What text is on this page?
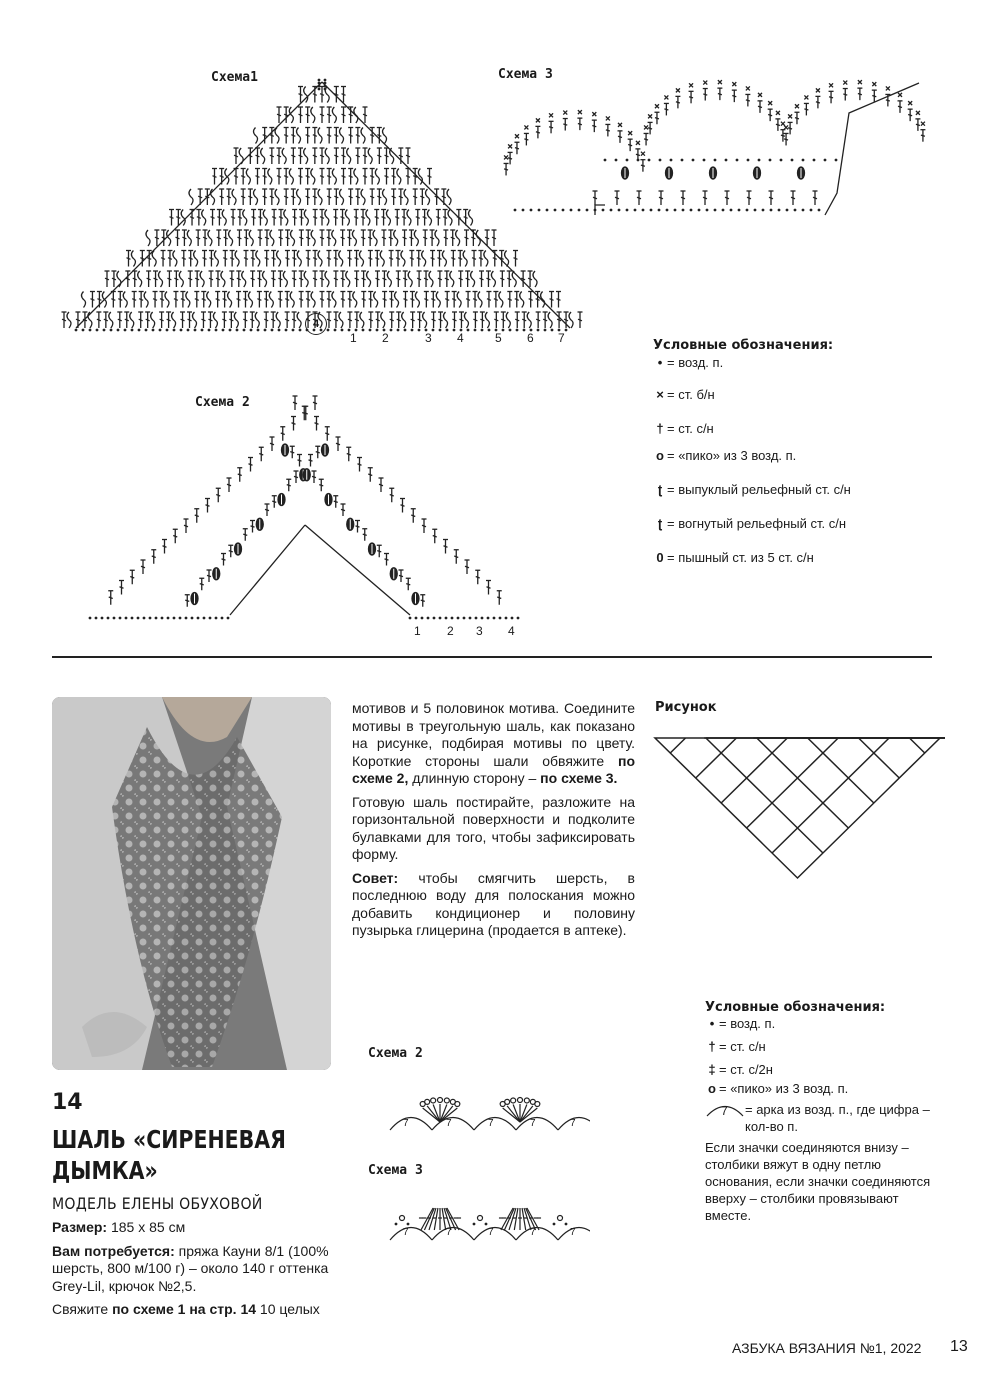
Схема1
4
1 2	3 4	5 6 7
Схема 3
Схема 2
1 2 3 4
Условные обозначения:
• = возд. п.
× = ст. б/н
† = ст. с/н
o = «пико» из 3 возд. п.
ʈ = выпуклый рельефный ст. с/н
ʈ = вогнутый рельефный ст. с/н
0 = пышный ст. из 5 ст. с/н
14
ШАЛЬ «СИРЕНЕВАЯ
ДЫМКА»
МОДЕЛЬ ЕЛЕНЫ ОБУХОВОЙ

Размер: 185 х 85 см

Вам потребуется: пряжа Кауни 8/1 (100% шерсть, 800 м/100 г) – около 140 г оттенка Grey-Lil, крючок №2,5.

Свяжите по схеме 1 на стр. 14 10 целых

мотивов и 5 половинок мотива. Соедините мотивы в треугольную шаль, как показано на рисунке, подбирая мотивы по цвету. Короткие стороны шали обвяжите по схеме 2, длинную сторону – по схеме 3.

Готовую шаль постирайте, разложите на горизонтальной поверхности и подколите булавками для того, чтобы зафиксировать форму.

Совет: чтобы смягчить шерсть, в последнюю воду для полоскания можно добавить кондиционер и половину пузырька глицерина (продается в аптеке).

Рисунок
Схема 2
Схема 3
7	7	7	7	7
7	7	7	7	7
Условные обозначения:
• = возд. п.
† = ст. с/н
‡ = ст. с/2н
o = «пико» из 3 возд. п.
7 = арка из возд. п., где цифра – кол-во п.
Если значки соединяются внизу – столбики вяжут в одну петлю основания, если значки соединяются вверху – столбики провязывают вместе.
АЗБУКА ВЯЗАНИЯ №1, 2022 13
